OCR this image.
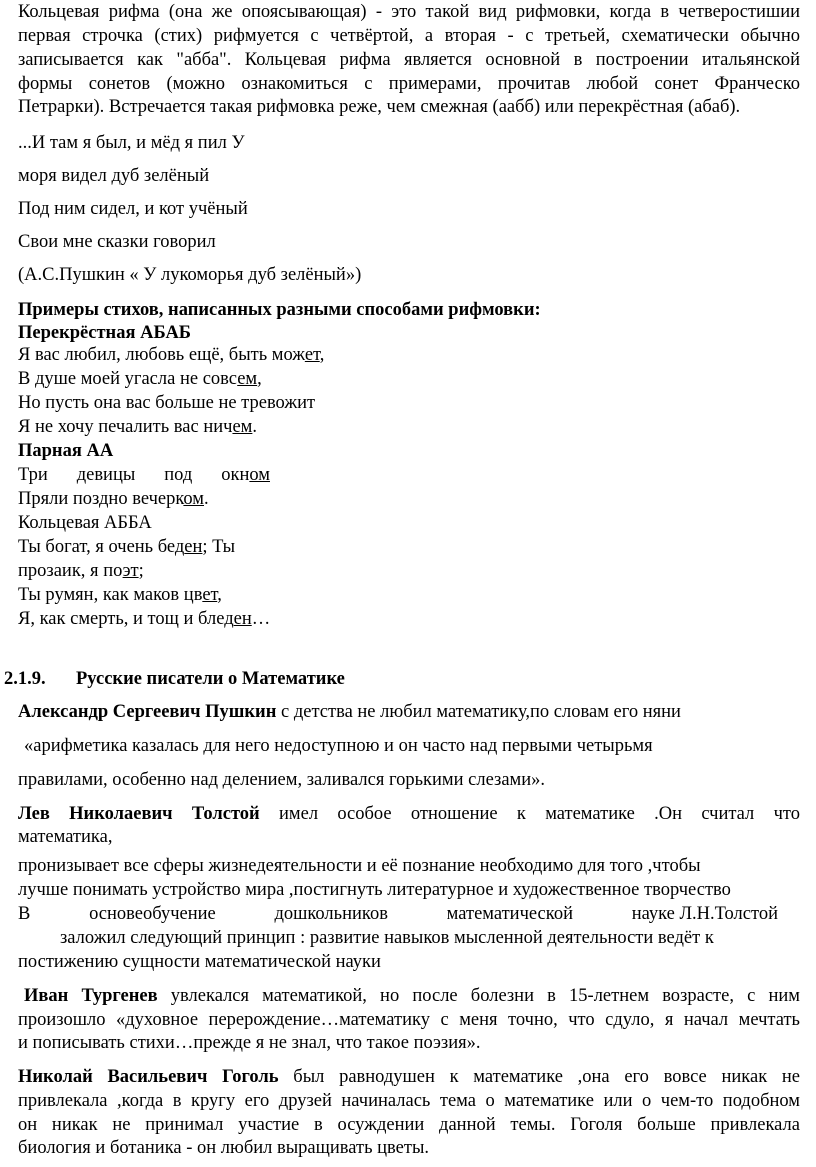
Кольцевая рифма (она же опоясывающая) - это такой вид рифмовки, когда в четверостишии
первая строчка (стих) рифмуется с четвёртой, а вторая - с третьей, схематически обычно
записывается как "абба". Кольцевая рифма является основной в построении итальянской
формы сонетов (можно ознакомиться с примерами, прочитав любой сонет Франческо
Петрарки). Встречается такая рифмовка реже, чем смежная (аабб) или перекрёстная (абаб).
...И там я был, и мёд я пил У
моря видел дуб зелёный
Под ним сидел, и кот учёный
Свои мне сказки говорил
(А.С.Пушкин « У лукоморья дуб зелёный»)
Примеры стихов, написанных разными способами рифмовки:
Перекрёстная АБАБ
Я вас любил, любовь ещё, быть может,
В душе моей угасла не совсем,
Но пусть она вас больше не тревожит
Я не хочу печалить вас ничем.
Парная АА
Три девицы под окном
Пряли поздно вечерком.
Кольцевая АББА
Ты богат, я очень беден; Ты
прозаик, я поэт;
Ты румян, как маков цвет,
Я, как смерть, и тощ и бледен…
2.1.9. Русские писатели о Математике
Александр Сергеевич Пушкин с детства не любил математику,по словам его няни
«арифметика казалась для него недоступною и он часто над первыми четырьмя
правилами, особенно над делением, заливался горькими слезами».
Лев Николаевич Толстой имел особое отношение к математике .Он считал что
математика,
пронизывает все сферы жизнедеятельности и её познание необходимо для того ,чтобы
лучше понимать устройство мира ,постигнуть литературное и художественное творчество
В	основеобучение	дошкольников	математической	науке Л.Н.Толстой
заложил следующий принцип : развитие навыков мысленной деятельности ведёт к
постижению сущности математической науки
Иван Тургенев увлекался математикой, но после болезни в 15-летнем возрасте, с ним
произошло «духовное перерождение…математику с меня точно, что сдуло, я начал мечтать
и пописывать стихи…прежде я не знал, что такое поэзия».
Николай Васильевич Гоголь был равнодушен к математике ,она его вовсе никак не
привлекала ,когда в кругу его друзей начиналась тема о математике или о чем-то подобном
он никак не принимал участие в осуждении данной темы. Гоголя больше привлекала
биология и ботаника - он любил выращивать цветы.
